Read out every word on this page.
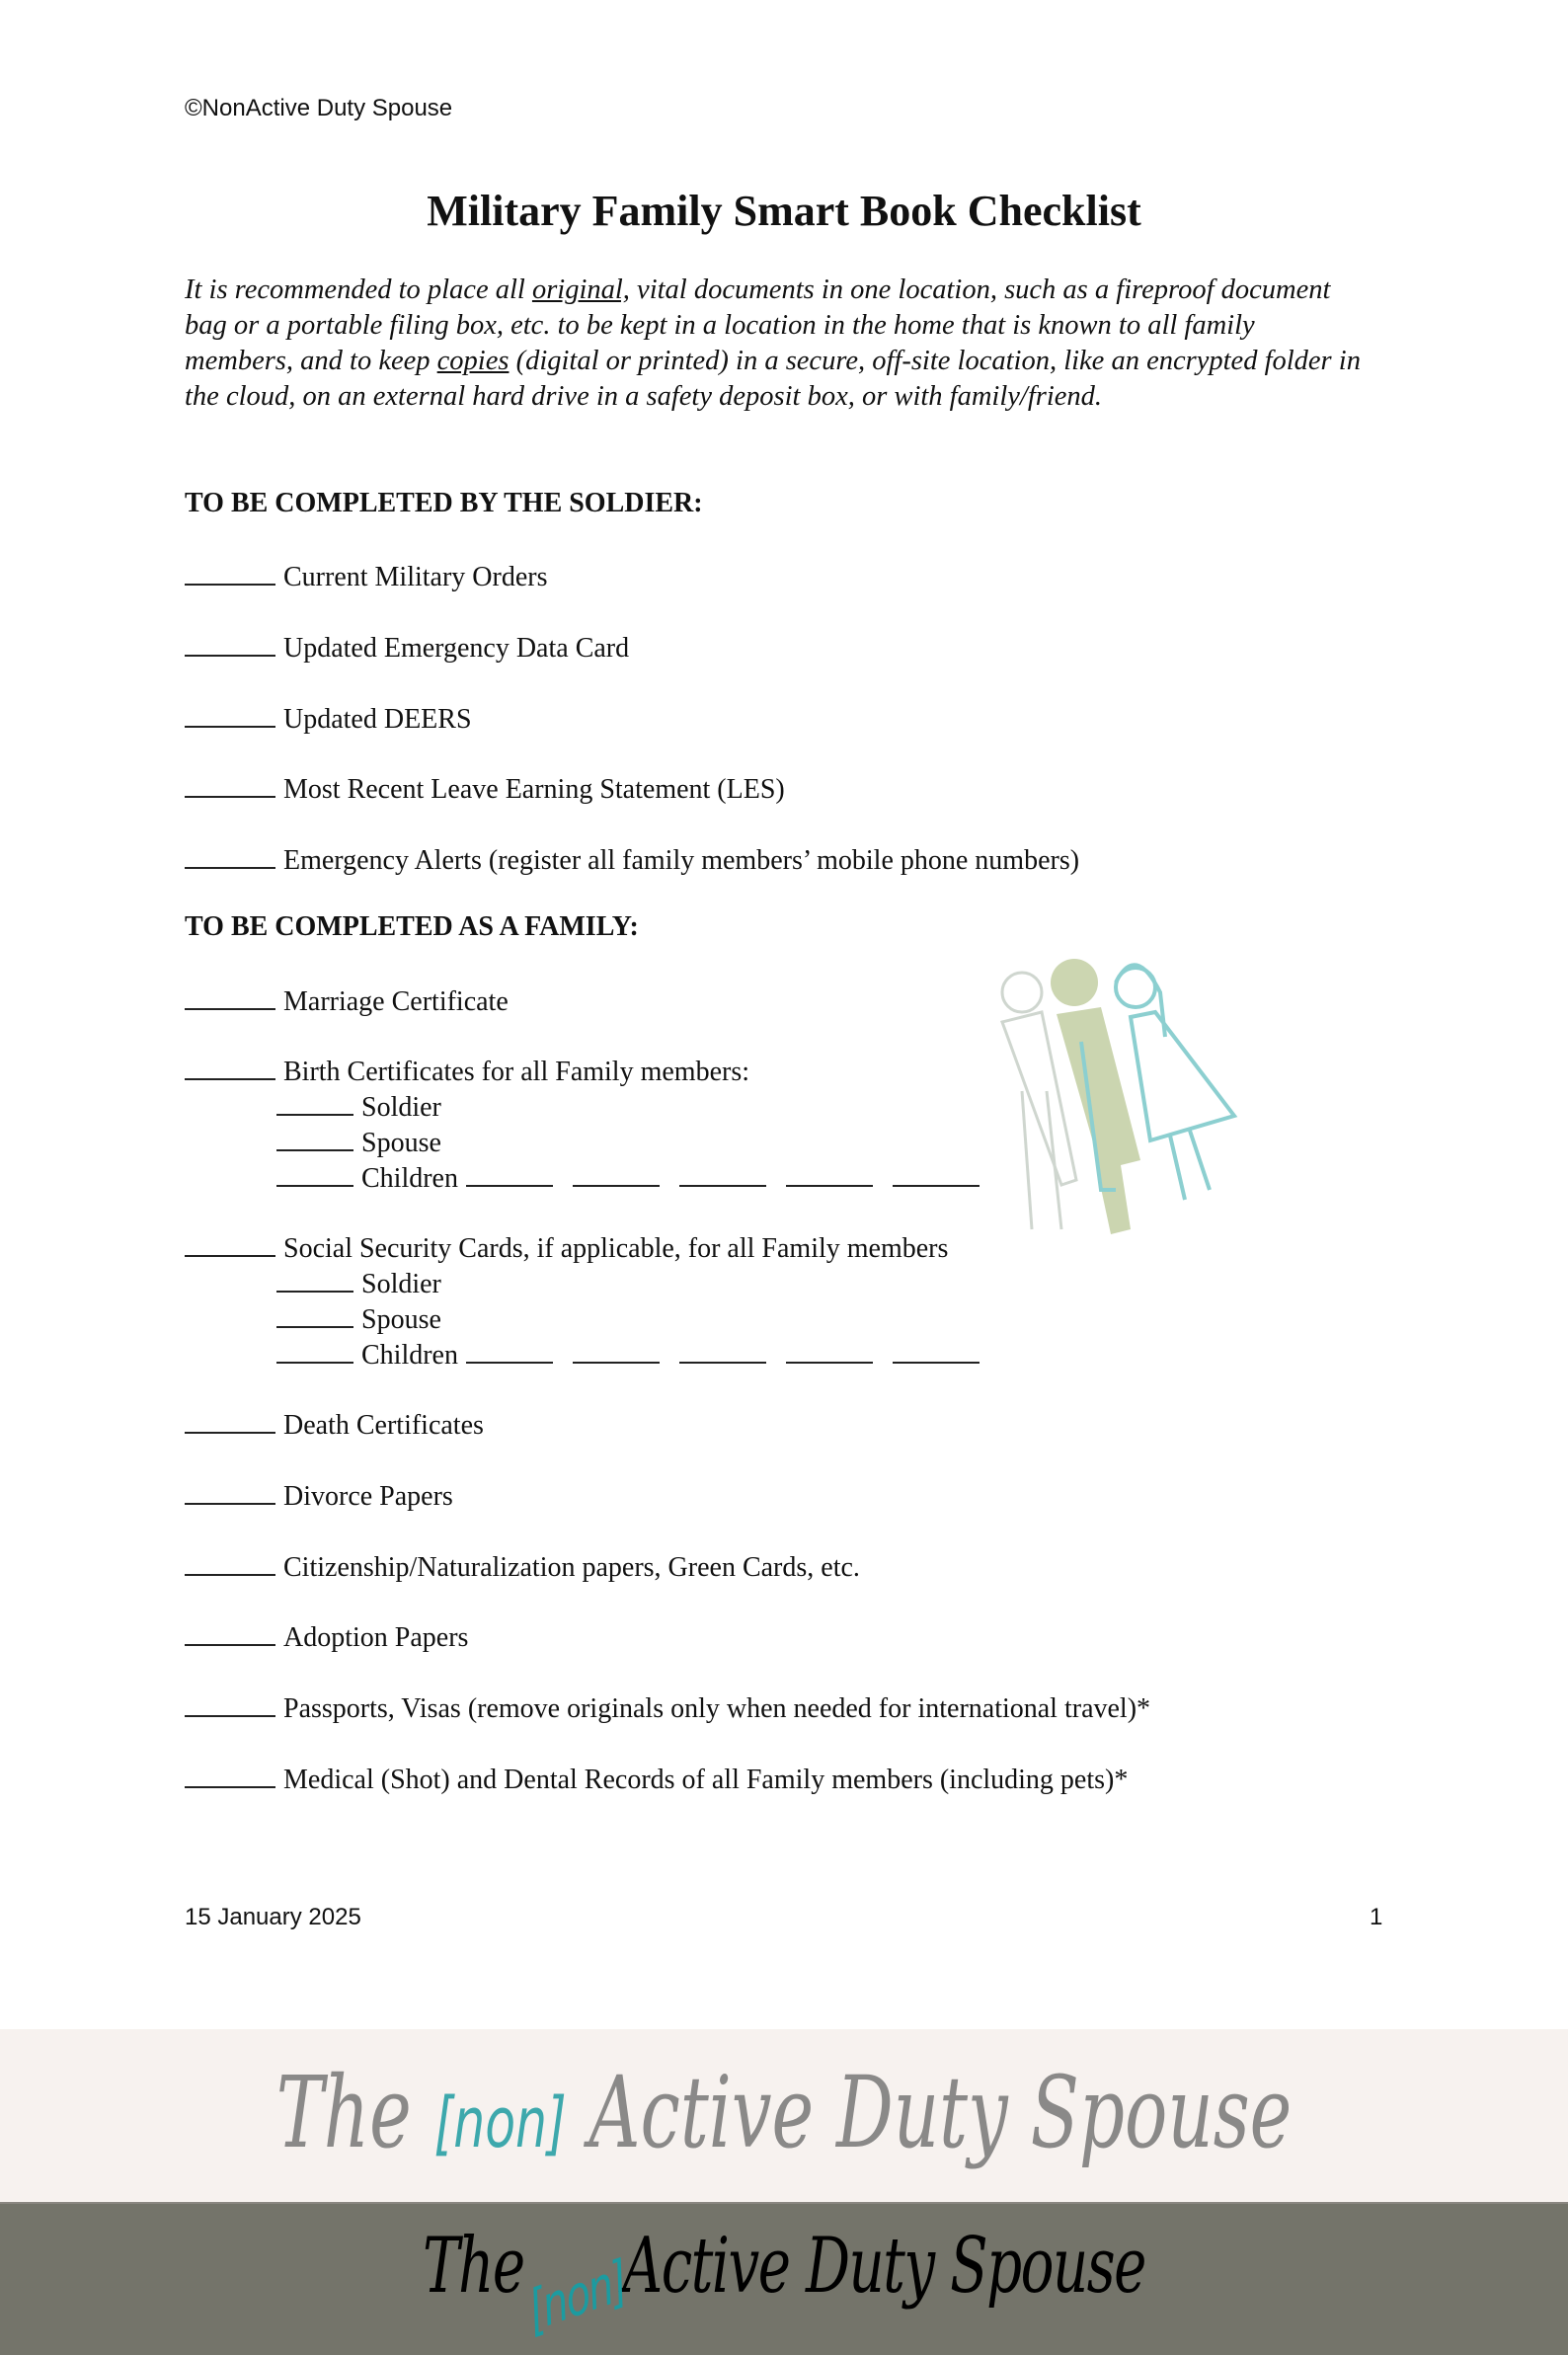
©NonActive Duty Spouse
Military Family Smart Book Checklist
It is recommended to place all original, vital documents in one location, such as a fireproof document bag or a portable filing box, etc. to be kept in a location in the home that is known to all family members, and to keep copies (digital or printed) in a secure, off-site location, like an encrypted folder in the cloud, on an external hard drive in a safety deposit box, or with family/friend.
TO BE COMPLETED BY THE SOLDIER:
Current Military Orders
Updated Emergency Data Card
Updated DEERS
Most Recent Leave Earning Statement (LES)
Emergency Alerts (register all family members’ mobile phone numbers)
TO BE COMPLETED AS A FAMILY:
Marriage Certificate
Birth Certificates for all Family members:
Soldier
Spouse
Children
Social Security Cards, if applicable, for all Family members
Soldier
Spouse
Children
Death Certificates
Divorce Papers
Citizenship/Naturalization papers, Green Cards, etc.
Adoption Papers
Passports, Visas (remove originals only when needed for international travel)*
Medical (Shot) and Dental Records of all Family members (including pets)*
15 January 2025	1
The [non] Active Duty Spouse
The[non]Active Duty Spouse
